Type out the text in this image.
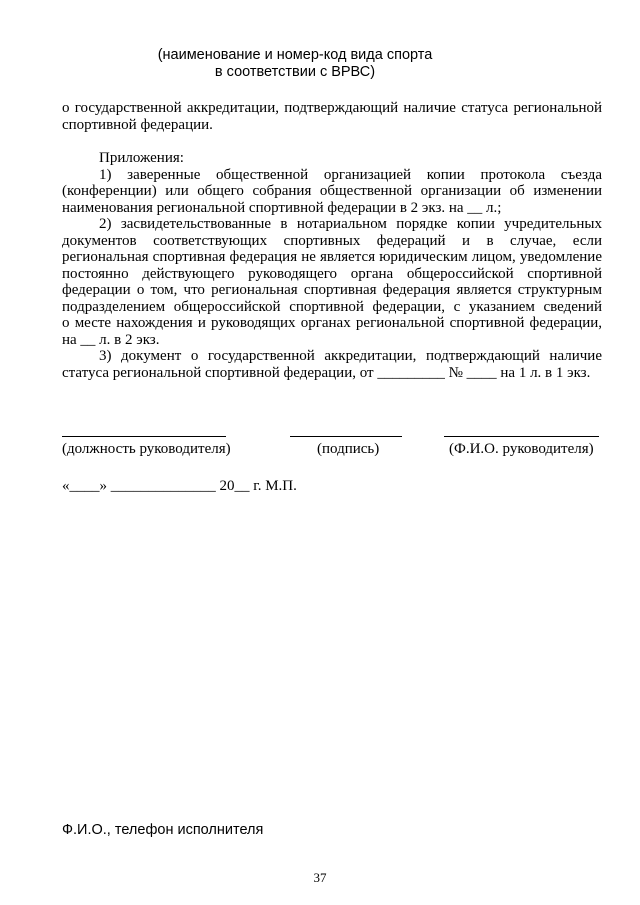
(наименование и номер-код вида спорта
в соответствии с ВРВС)
о государственной аккредитации, подтверждающий наличие статуса региональной
спортивной федерации.
Приложения:
1) заверенные общественной организацией копии протокола съезда
(конференции) или общего собрания общественной организации об изменении
наименования региональной спортивной федерации в 2 экз. на __ л.;
2) засвидетельствованные в нотариальном порядке копии учредительных
документов соответствующих спортивных федераций и в случае, если
региональная спортивная федерация не является юридическим лицом, уведомление
постоянно действующего руководящего органа общероссийской спортивной
федерации о том, что региональная спортивная федерация является структурным
подразделением общероссийской спортивной федерации, с указанием сведений
о месте нахождения и руководящих органах региональной спортивной федерации,
на __ л. в 2 экз.
3) документ о государственной аккредитации, подтверждающий наличие
статуса региональной спортивной федерации, от _________ № ____ на 1 л. в 1 экз.
(должность руководителя)	(подпись)	(Ф.И.О. руководителя)
«____» ______________ 20__ г. М.П.
Ф.И.О., телефон исполнителя
37
